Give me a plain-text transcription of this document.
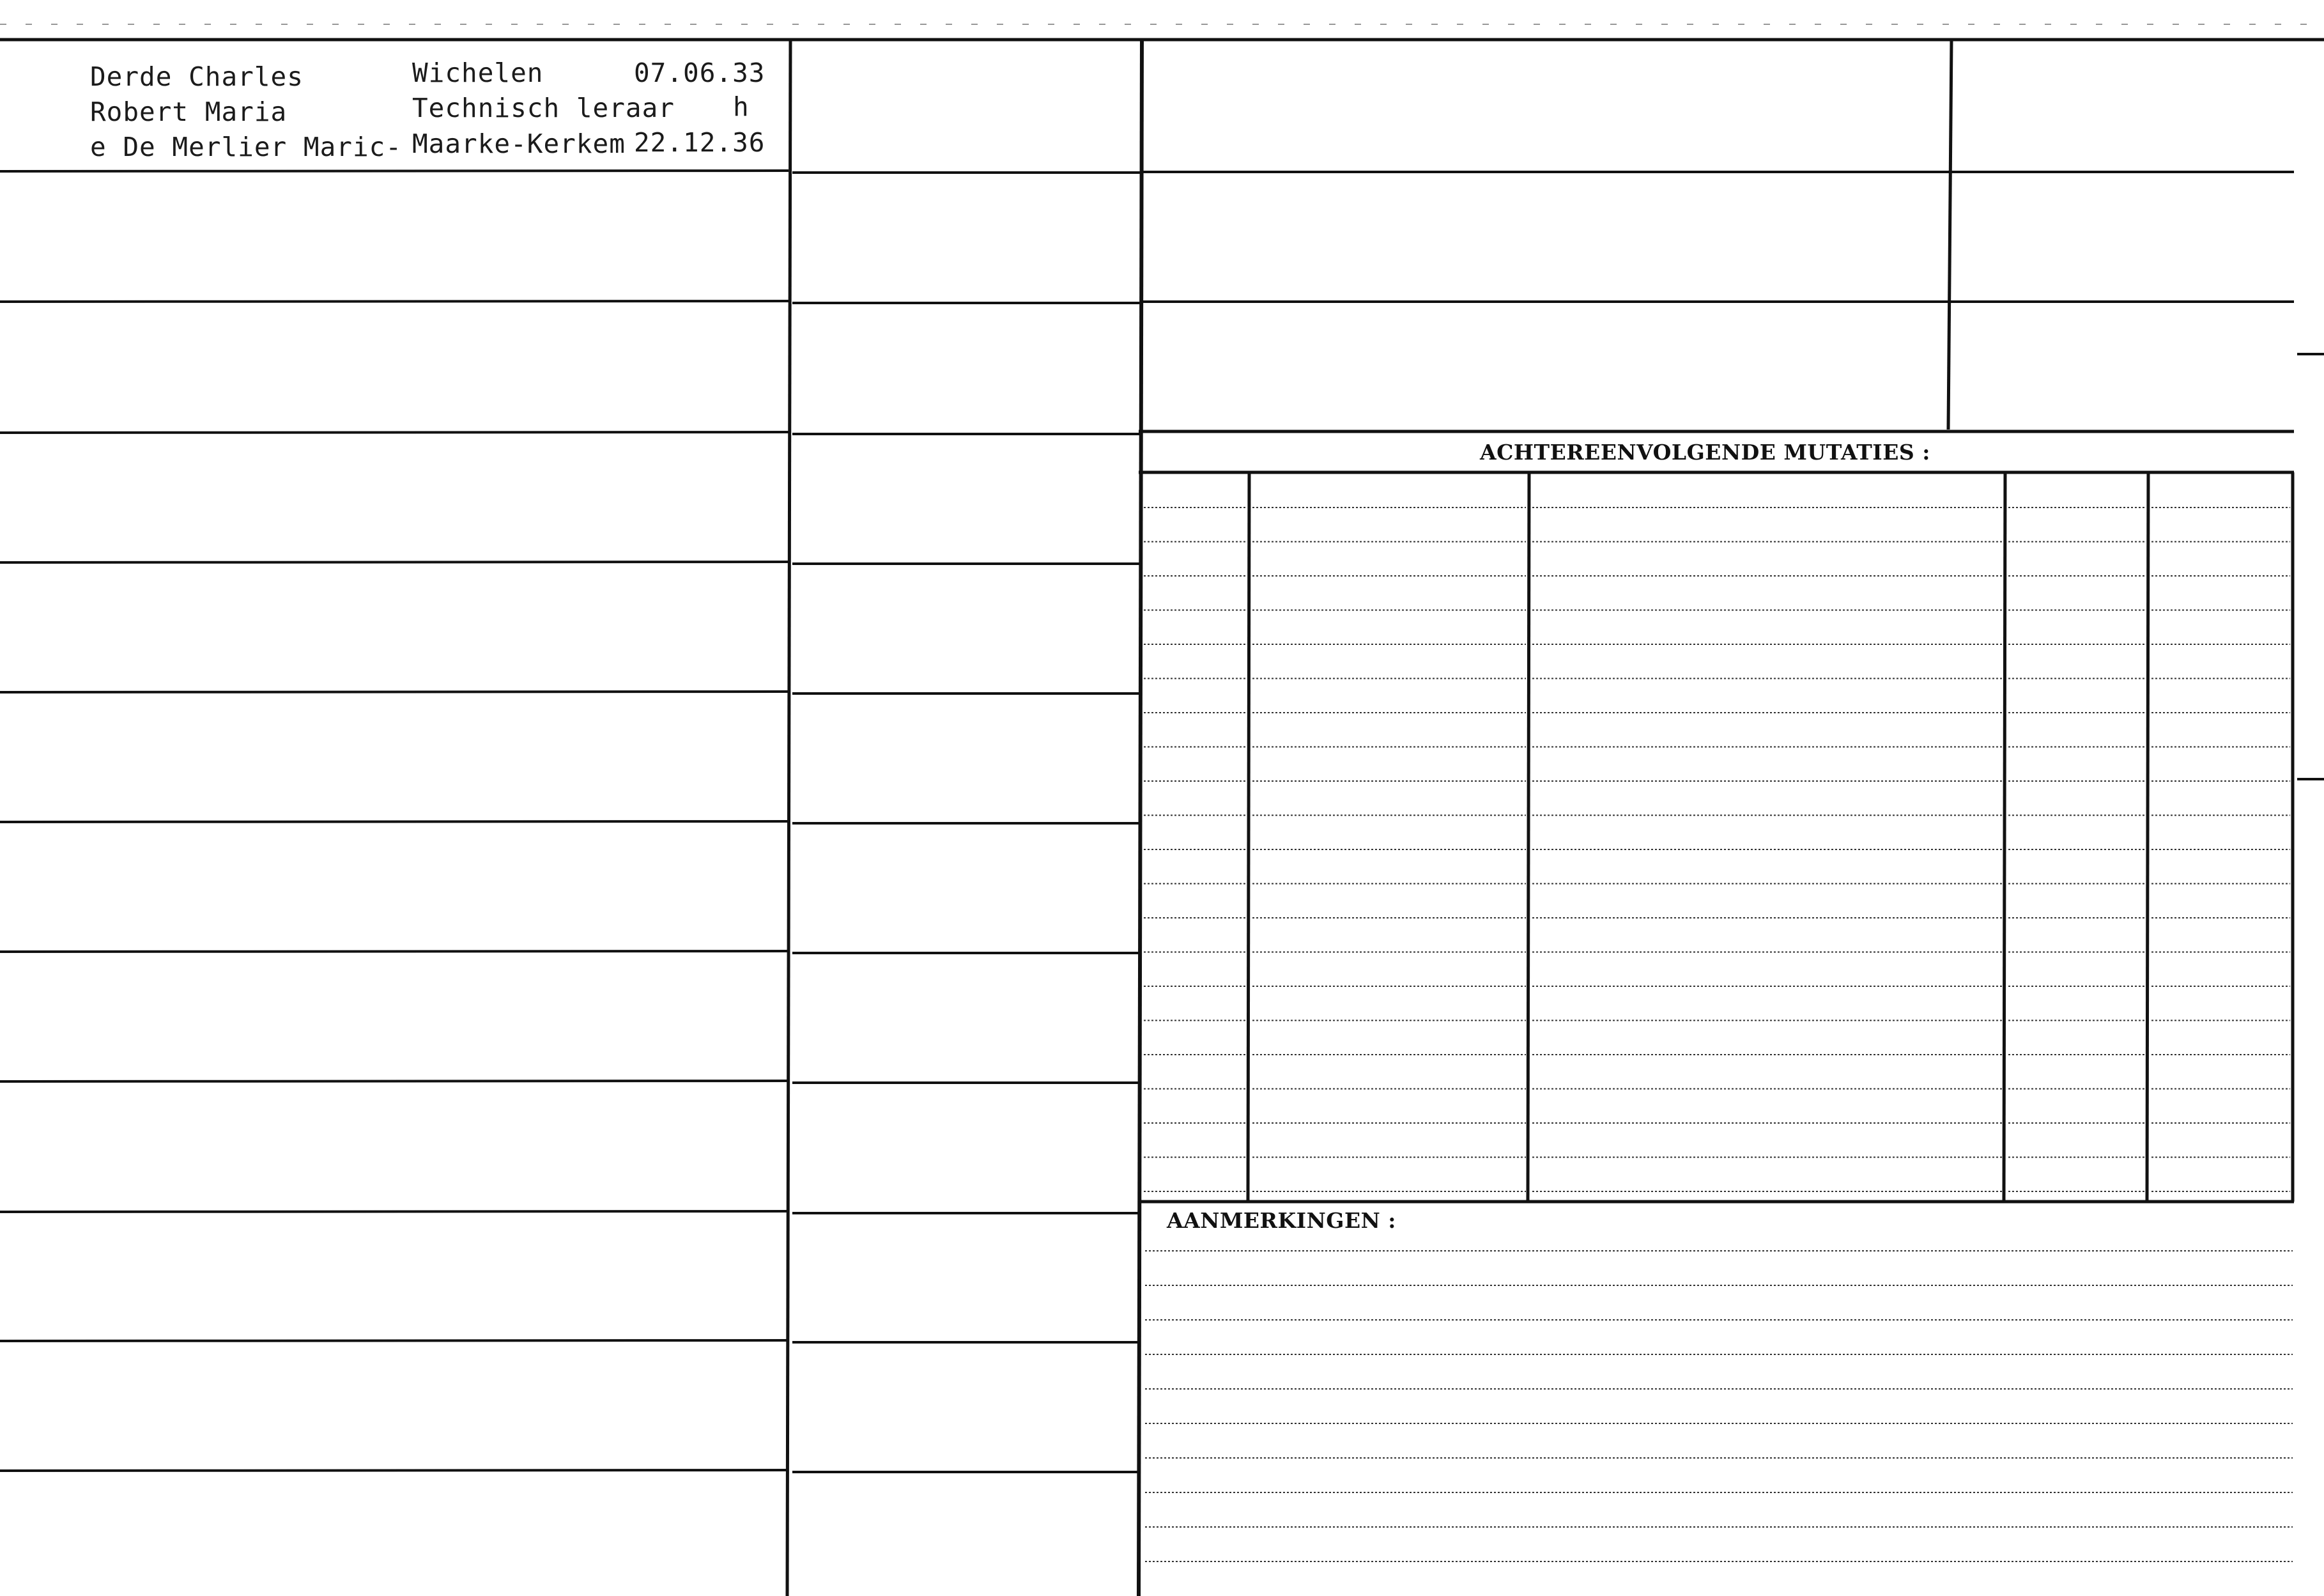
Derde Charles
Robert Maria
e De Merlier Maric-
Wichelen	07.06.33
Technisch leraar h
Maarke-Kerkem 22.12.36
ACHTEREENVOLGENDE MUTATIES :
AANMERKINGEN :
